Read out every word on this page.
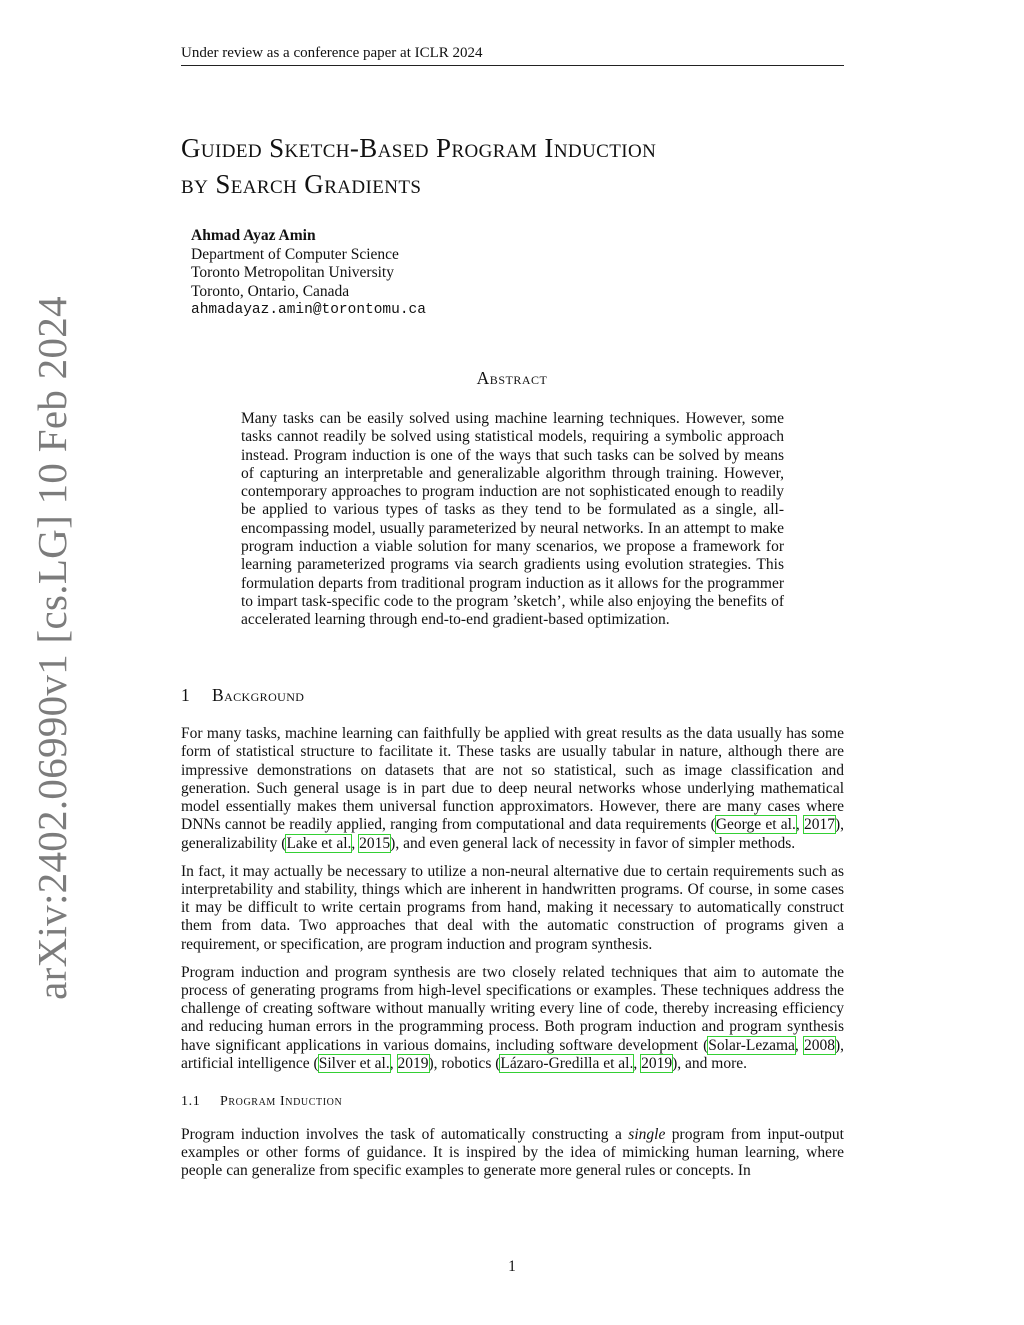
Under review as a conference paper at ICLR 2024
arXiv:2402.06990v1 [cs.LG] 10 Feb 2024
Guided Sketch-Based Program Induction
by Search Gradients
Ahmad Ayaz Amin
Department of Computer Science
Toronto Metropolitan University
Toronto, Ontario, Canada
ahmadayaz.amin@torontomu.ca
Abstract
Many tasks can be easily solved using machine learning techniques. However, some tasks cannot readily be solved using statistical models, requiring a symbolic approach instead. Program induction is one of the ways that such tasks can be solved by means of capturing an interpretable and generalizable algorithm through training. However, contemporary approaches to program induction are not sophisticated enough to readily be applied to various types of tasks as they tend to be formulated as a single, all-encompassing model, usually parameterized by neural networks. In an attempt to make program induction a viable solution for many scenarios, we propose a framework for learning parameterized programs via search gradients using evolution strategies. This formulation departs from traditional program induction as it allows for the programmer to impart task-specific code to the program ’sketch’, while also enjoying the benefits of accelerated learning through end-to-end gradient-based optimization.
1 Background

For many tasks, machine learning can faithfully be applied with great results as the data usually has some form of statistical structure to facilitate it. These tasks are usually tabular in nature, although there are impressive demonstrations on datasets that are not so statistical, such as image classification and generation. Such general usage is in part due to deep neural networks whose underlying mathematical model essentially makes them universal function approximators. However, there are many cases where DNNs cannot be readily applied, ranging from computational and data requirements (George et al., 2017), generalizability (Lake et al., 2015), and even general lack of necessity in favor of simpler methods.

In fact, it may actually be necessary to utilize a non-neural alternative due to certain requirements such as interpretability and stability, things which are inherent in handwritten programs. Of course, in some cases it may be difficult to write certain programs from hand, making it necessary to automatically construct them from data. Two approaches that deal with the automatic construction of programs given a requirement, or specification, are program induction and program synthesis.

Program induction and program synthesis are two closely related techniques that aim to automate the process of generating programs from high-level specifications or examples. These techniques address the challenge of creating software without manually writing every line of code, thereby increasing efficiency and reducing human errors in the programming process. Both program induction and program synthesis have significant applications in various domains, including software development (Solar-Lezama, 2008), artificial intelligence (Silver et al., 2019), robotics (Lázaro-Gredilla et al., 2019), and more.

1.1 Program Induction

Program induction involves the task of automatically constructing a single program from input-output examples or other forms of guidance. It is inspired by the idea of mimicking human learning, where people can generalize from specific examples to generate more general rules or concepts. In

1
